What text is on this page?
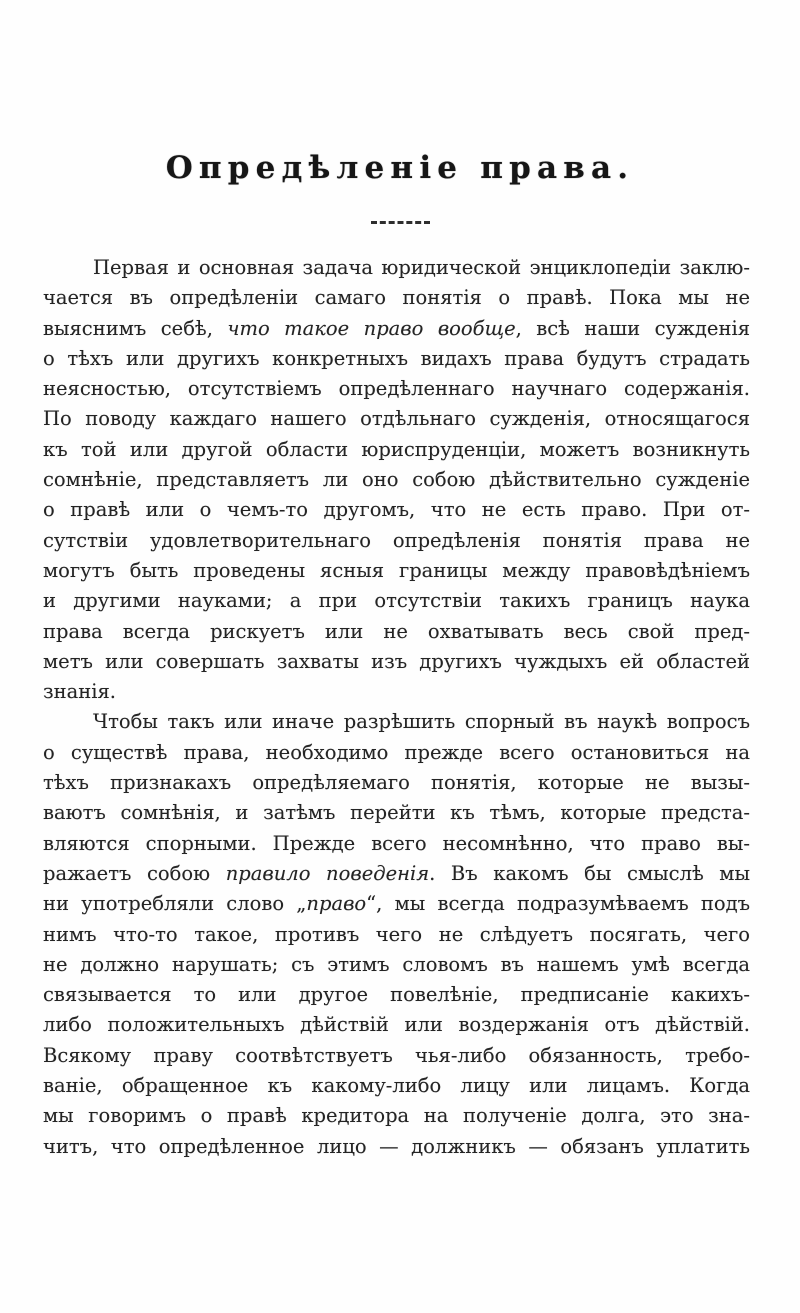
Опредѣленіе права.
Первая и основная задача юридической энциклопедіи заклю-
чается въ опредѣленіи самаго понятія о правѣ. Пока мы не
выяснимъ себѣ, что такое право вообще, всѣ наши сужденія
о тѣхъ или другихъ конкретныхъ видахъ права будутъ страдать
неясностью, отсутствіемъ опредѣленнаго научнаго содержанія.
По поводу каждаго нашего отдѣльнаго сужденія, относящагося
къ той или другой области юриспруденціи, можетъ возникнуть
сомнѣніе, представляетъ ли оно собою дѣйствительно сужденіе
о правѣ или о чемъ-то другомъ, что не есть право. При от-
сутствіи удовлетворительнаго опредѣленія понятія права не
могутъ быть проведены ясныя границы между правовѣдѣніемъ
и другими науками; а при отсутствіи такихъ границъ наука
права всегда рискуетъ или не охватывать весь свой пред-
метъ или совершать захваты изъ другихъ чуждыхъ ей областей
знанія.
Чтобы такъ или иначе разрѣшить спорный въ наукѣ вопросъ
о существѣ права, необходимо прежде всего остановиться на
тѣхъ признакахъ опредѣляемаго понятія, которые не вызы-
ваютъ сомнѣнія, и затѣмъ перейти къ тѣмъ, которые предста-
вляются спорными. Прежде всего несомнѣнно, что право вы-
ражаетъ собою правило поведенія. Въ какомъ бы смыслѣ мы
ни употребляли слово „право“, мы всегда подразумѣваемъ подъ
нимъ что-то такое, противъ чего не слѣдуетъ посягать, чего
не должно нарушать; съ этимъ словомъ въ нашемъ умѣ всегда
связывается то или другое повелѣніе, предписаніе какихъ-
либо положительныхъ дѣйствій или воздержанія отъ дѣйствій.
Всякому праву соотвѣтствуетъ чья-либо обязанность, требо-
ваніе, обращенное къ какому-либо лицу или лицамъ. Когда
мы говоримъ о правѣ кредитора на полученіе долга, это зна-
читъ, что опредѣленное лицо — должникъ — обязанъ уплатить
